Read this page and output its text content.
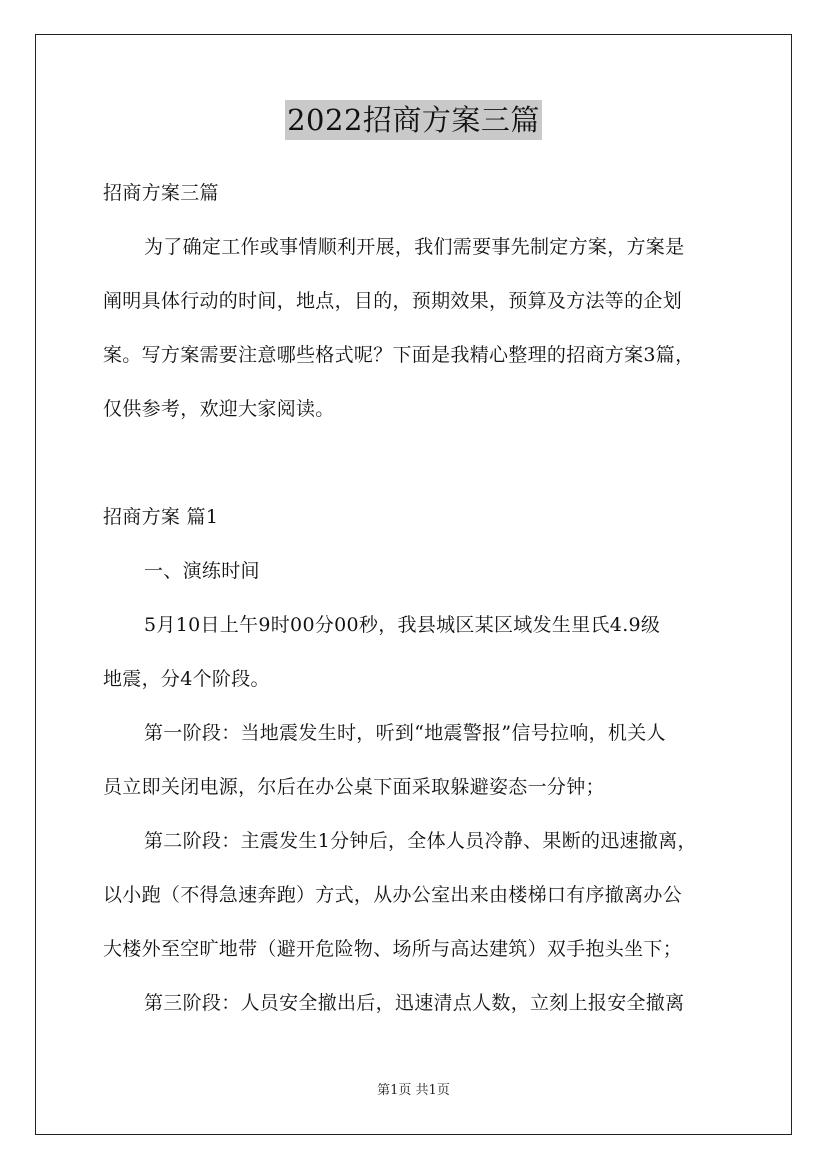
2022招商方案三篇
招商方案三篇
为了确定工作或事情顺利开展，我们需要事先制定方案，方案是
阐明具体行动的时间，地点，目的，预期效果，预算及方法等的企划
案。写方案需要注意哪些格式呢？下面是我精心整理的招商方案3篇，
仅供参考，欢迎大家阅读。
招商方案 篇1
一、演练时间
5月10日上午9时00分00秒，我县城区某区域发生里氏4.9级
地震，分4个阶段。
第一阶段：当地震发生时，听到“地震警报”信号拉响，机关人
员立即关闭电源，尔后在办公桌下面采取躲避姿态一分钟；
第二阶段：主震发生1分钟后，全体人员冷静、果断的迅速撤离，
以小跑（不得急速奔跑）方式，从办公室出来由楼梯口有序撤离办公
大楼外至空旷地带（避开危险物、场所与高达建筑）双手抱头坐下；
第三阶段：人员安全撤出后，迅速清点人数，立刻上报安全撤离
第1页 共1页
